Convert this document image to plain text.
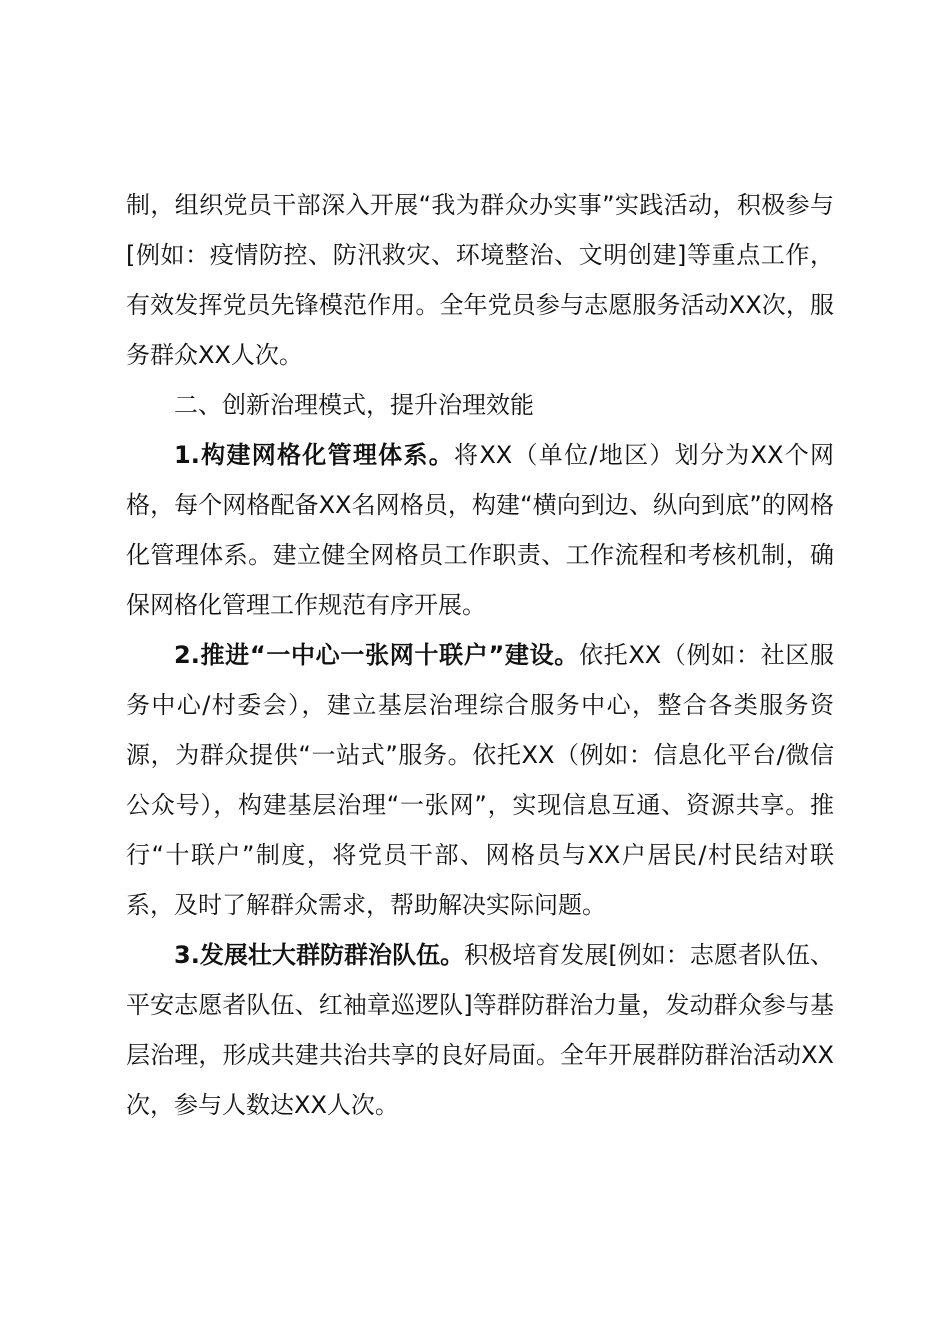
制，组织党员干部深入开展“我为群众办实事”实践活动，积极参与[例如：疫情防控、防汛救灾、环境整治、文明创建]等重点工作，有效发挥党员先锋模范作用。全年党员参与志愿服务活动XX次，服务群众XX人次。

二、创新治理模式，提升治理效能

1.构建网格化管理体系。将XX（单位/地区）划分为XX个网格，每个网格配备XX名网格员，构建“横向到边、纵向到底”的网格化管理体系。建立健全网格员工作职责、工作流程和考核机制，确保网格化管理工作规范有序开展。

2.推进“一中心一张网十联户”建设。依托XX（例如：社区服务中心/村委会），建立基层治理综合服务中心，整合各类服务资源，为群众提供“一站式”服务。依托XX（例如：信息化平台/微信公众号），构建基层治理“一张网”，实现信息互通、资源共享。推行“十联户”制度，将党员干部、网格员与XX户居民/村民结对联系，及时了解群众需求，帮助解决实际问题。

3.发展壮大群防群治队伍。积极培育发展[例如：志愿者队伍、平安志愿者队伍、红袖章巡逻队]等群防群治力量，发动群众参与基层治理，形成共建共治共享的良好局面。全年开展群防群治活动XX次，参与人数达XX人次。
